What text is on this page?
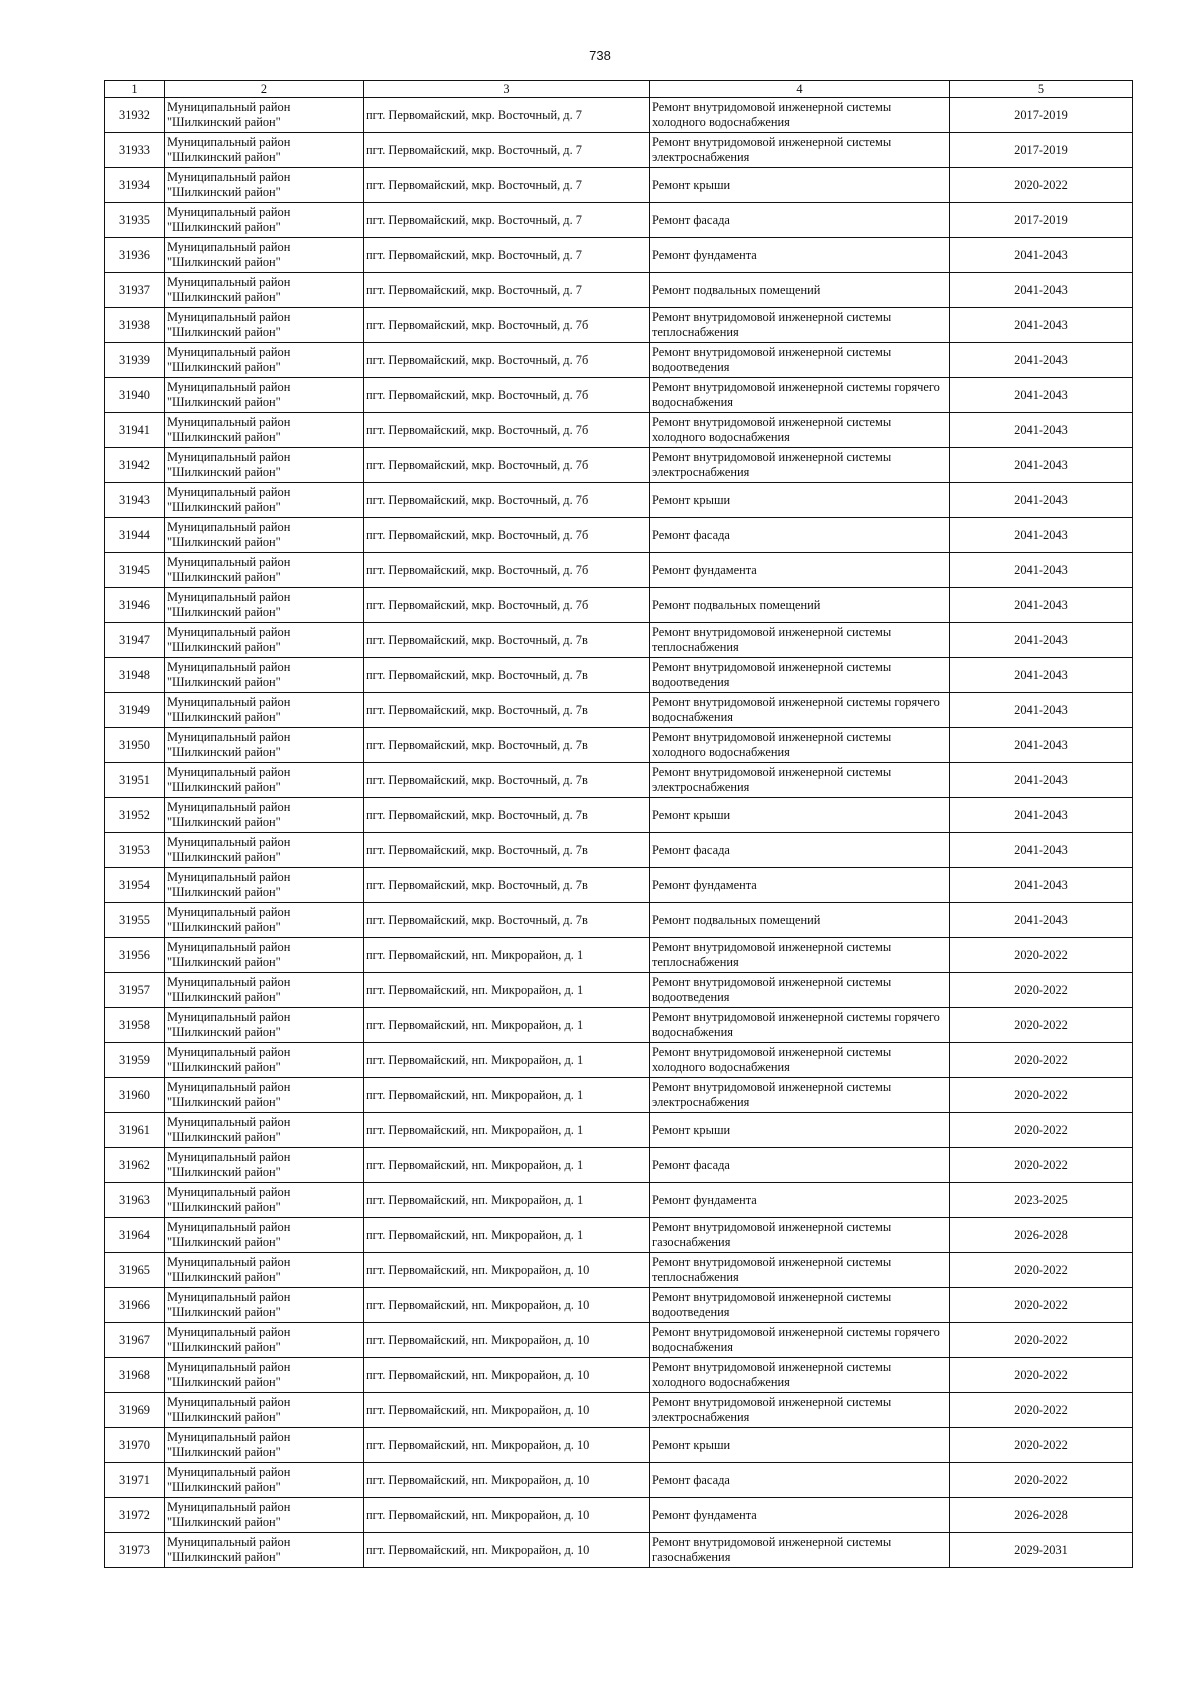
738
1	2	3	4	5
31932	Муниципальный район "Шилкинский район"	пгт. Первомайский, мкр. Восточный, д. 7	Ремонт внутридомовой инженерной системы холодного водоснабжения	2017-2019
31933	Муниципальный район "Шилкинский район"	пгт. Первомайский, мкр. Восточный, д. 7	Ремонт внутридомовой инженерной системы электроснабжения	2017-2019
31934	Муниципальный район "Шилкинский район"	пгт. Первомайский, мкр. Восточный, д. 7	Ремонт крыши	2020-2022
31935	Муниципальный район "Шилкинский район"	пгт. Первомайский, мкр. Восточный, д. 7	Ремонт фасада	2017-2019
31936	Муниципальный район "Шилкинский район"	пгт. Первомайский, мкр. Восточный, д. 7	Ремонт фундамента	2041-2043
31937	Муниципальный район "Шилкинский район"	пгт. Первомайский, мкр. Восточный, д. 7	Ремонт подвальных помещений	2041-2043
31938	Муниципальный район "Шилкинский район"	пгт. Первомайский, мкр. Восточный, д. 7б	Ремонт внутридомовой инженерной системы теплоснабжения	2041-2043
31939	Муниципальный район "Шилкинский район"	пгт. Первомайский, мкр. Восточный, д. 7б	Ремонт внутридомовой инженерной системы водоотведения	2041-2043
31940	Муниципальный район "Шилкинский район"	пгт. Первомайский, мкр. Восточный, д. 7б	Ремонт внутридомовой инженерной системы горячего водоснабжения	2041-2043
31941	Муниципальный район "Шилкинский район"	пгт. Первомайский, мкр. Восточный, д. 7б	Ремонт внутридомовой инженерной системы холодного водоснабжения	2041-2043
31942	Муниципальный район "Шилкинский район"	пгт. Первомайский, мкр. Восточный, д. 7б	Ремонт внутридомовой инженерной системы электроснабжения	2041-2043
31943	Муниципальный район "Шилкинский район"	пгт. Первомайский, мкр. Восточный, д. 7б	Ремонт крыши	2041-2043
31944	Муниципальный район "Шилкинский район"	пгт. Первомайский, мкр. Восточный, д. 7б	Ремонт фасада	2041-2043
31945	Муниципальный район "Шилкинский район"	пгт. Первомайский, мкр. Восточный, д. 7б	Ремонт фундамента	2041-2043
31946	Муниципальный район "Шилкинский район"	пгт. Первомайский, мкр. Восточный, д. 7б	Ремонт подвальных помещений	2041-2043
31947	Муниципальный район "Шилкинский район"	пгт. Первомайский, мкр. Восточный, д. 7в	Ремонт внутридомовой инженерной системы теплоснабжения	2041-2043
31948	Муниципальный район "Шилкинский район"	пгт. Первомайский, мкр. Восточный, д. 7в	Ремонт внутридомовой инженерной системы водоотведения	2041-2043
31949	Муниципальный район "Шилкинский район"	пгт. Первомайский, мкр. Восточный, д. 7в	Ремонт внутридомовой инженерной системы горячего водоснабжения	2041-2043
31950	Муниципальный район "Шилкинский район"	пгт. Первомайский, мкр. Восточный, д. 7в	Ремонт внутридомовой инженерной системы холодного водоснабжения	2041-2043
31951	Муниципальный район "Шилкинский район"	пгт. Первомайский, мкр. Восточный, д. 7в	Ремонт внутридомовой инженерной системы электроснабжения	2041-2043
31952	Муниципальный район "Шилкинский район"	пгт. Первомайский, мкр. Восточный, д. 7в	Ремонт крыши	2041-2043
31953	Муниципальный район "Шилкинский район"	пгт. Первомайский, мкр. Восточный, д. 7в	Ремонт фасада	2041-2043
31954	Муниципальный район "Шилкинский район"	пгт. Первомайский, мкр. Восточный, д. 7в	Ремонт фундамента	2041-2043
31955	Муниципальный район "Шилкинский район"	пгт. Первомайский, мкр. Восточный, д. 7в	Ремонт подвальных помещений	2041-2043
31956	Муниципальный район "Шилкинский район"	пгт. Первомайский, нп. Микрорайон, д. 1	Ремонт внутридомовой инженерной системы теплоснабжения	2020-2022
31957	Муниципальный район "Шилкинский район"	пгт. Первомайский, нп. Микрорайон, д. 1	Ремонт внутридомовой инженерной системы водоотведения	2020-2022
31958	Муниципальный район "Шилкинский район"	пгт. Первомайский, нп. Микрорайон, д. 1	Ремонт внутридомовой инженерной системы горячего водоснабжения	2020-2022
31959	Муниципальный район "Шилкинский район"	пгт. Первомайский, нп. Микрорайон, д. 1	Ремонт внутридомовой инженерной системы холодного водоснабжения	2020-2022
31960	Муниципальный район "Шилкинский район"	пгт. Первомайский, нп. Микрорайон, д. 1	Ремонт внутридомовой инженерной системы электроснабжения	2020-2022
31961	Муниципальный район "Шилкинский район"	пгт. Первомайский, нп. Микрорайон, д. 1	Ремонт крыши	2020-2022
31962	Муниципальный район "Шилкинский район"	пгт. Первомайский, нп. Микрорайон, д. 1	Ремонт фасада	2020-2022
31963	Муниципальный район "Шилкинский район"	пгт. Первомайский, нп. Микрорайон, д. 1	Ремонт фундамента	2023-2025
31964	Муниципальный район "Шилкинский район"	пгт. Первомайский, нп. Микрорайон, д. 1	Ремонт внутридомовой инженерной системы газоснабжения	2026-2028
31965	Муниципальный район "Шилкинский район"	пгт. Первомайский, нп. Микрорайон, д. 10	Ремонт внутридомовой инженерной системы теплоснабжения	2020-2022
31966	Муниципальный район "Шилкинский район"	пгт. Первомайский, нп. Микрорайон, д. 10	Ремонт внутридомовой инженерной системы водоотведения	2020-2022
31967	Муниципальный район "Шилкинский район"	пгт. Первомайский, нп. Микрорайон, д. 10	Ремонт внутридомовой инженерной системы горячего водоснабжения	2020-2022
31968	Муниципальный район "Шилкинский район"	пгт. Первомайский, нп. Микрорайон, д. 10	Ремонт внутридомовой инженерной системы холодного водоснабжения	2020-2022
31969	Муниципальный район "Шилкинский район"	пгт. Первомайский, нп. Микрорайон, д. 10	Ремонт внутридомовой инженерной системы электроснабжения	2020-2022
31970	Муниципальный район "Шилкинский район"	пгт. Первомайский, нп. Микрорайон, д. 10	Ремонт крыши	2020-2022
31971	Муниципальный район "Шилкинский район"	пгт. Первомайский, нп. Микрорайон, д. 10	Ремонт фасада	2020-2022
31972	Муниципальный район "Шилкинский район"	пгт. Первомайский, нп. Микрорайон, д. 10	Ремонт фундамента	2026-2028
31973	Муниципальный район "Шилкинский район"	пгт. Первомайский, нп. Микрорайон, д. 10	Ремонт внутридомовой инженерной системы газоснабжения	2029-2031
